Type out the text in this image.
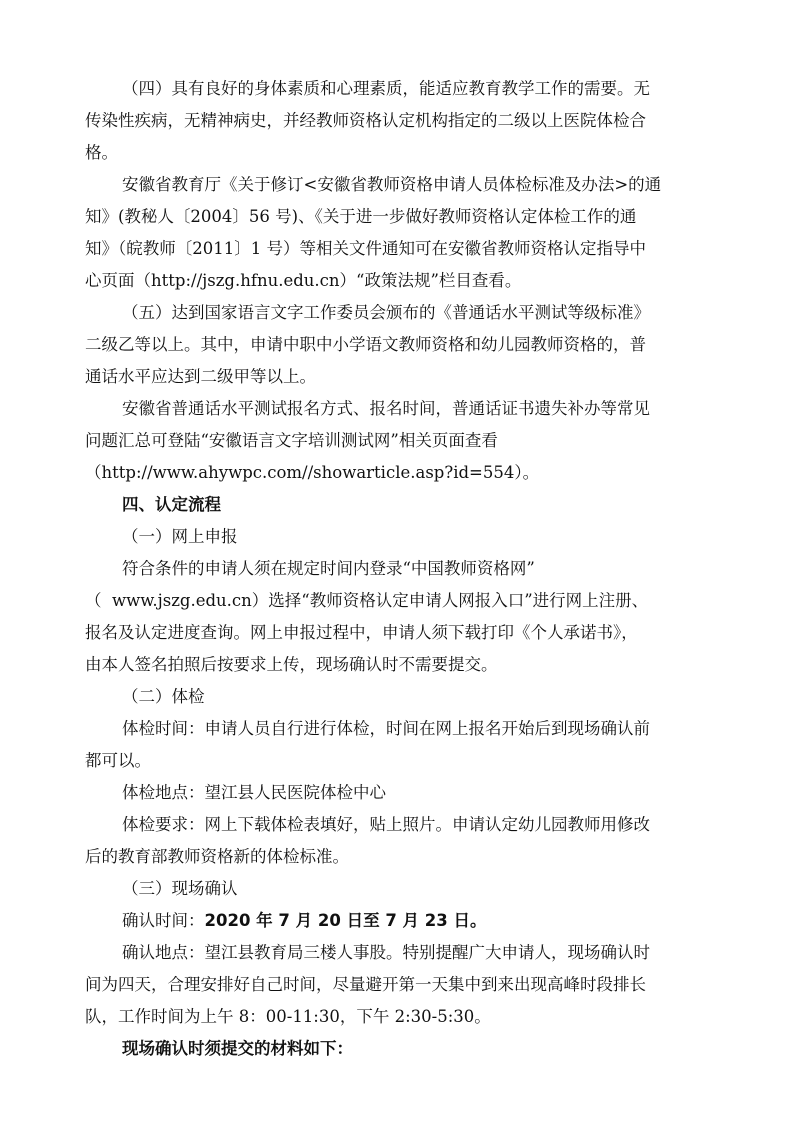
（四）具有良好的身体素质和心理素质，能适应教育教学工作的需要。无
传染性疾病，无精神病史，并经教师资格认定机构指定的二级以上医院体检合
格。
安徽省教育厅《关于修订<安徽省教师资格申请人员体检标准及办法>的通
知》(教秘人〔2004〕56 号)、《关于进一步做好教师资格认定体检工作的通
知》（皖教师〔2011〕1 号）等相关文件通知可在安徽省教师资格认定指导中
心页面（http://jszg.hfnu.edu.cn）“政策法规”栏目查看。
（五）达到国家语言文字工作委员会颁布的《普通话水平测试等级标准》
二级乙等以上。其中，申请中职中小学语文教师资格和幼儿园教师资格的，普
通话水平应达到二级甲等以上。
安徽省普通话水平测试报名方式、报名时间，普通话证书遗失补办等常见
问题汇总可登陆“安徽语言文字培训测试网”相关页面查看
（http://www.ahywpc.com//showarticle.asp?id=554）。
四、认定流程
（一）网上申报
符合条件的申请人须在规定时间内登录“中国教师资格网”
（  www.jszg.edu.cn）选择“教师资格认定申请人网报入口”进行网上注册、
报名及认定进度查询。网上申报过程中，申请人须下载打印《个人承诺书》，
由本人签名拍照后按要求上传，现场确认时不需要提交。
（二）体检
体检时间：申请人员自行进行体检，时间在网上报名开始后到现场确认前
都可以。
体检地点：望江县人民医院体检中心
体检要求：网上下载体检表填好，贴上照片。申请认定幼儿园教师用修改
后的教育部教师资格新的体检标准。
（三）现场确认
确认时间：2020 年 7 月 20 日至 7 月 23 日。
确认地点：望江县教育局三楼人事股。特别提醒广大申请人，现场确认时
间为四天，合理安排好自己时间，尽量避开第一天集中到来出现高峰时段排长
队，工作时间为上午 8：00-11:30，下午 2:30-5:30。
现场确认时须提交的材料如下：
